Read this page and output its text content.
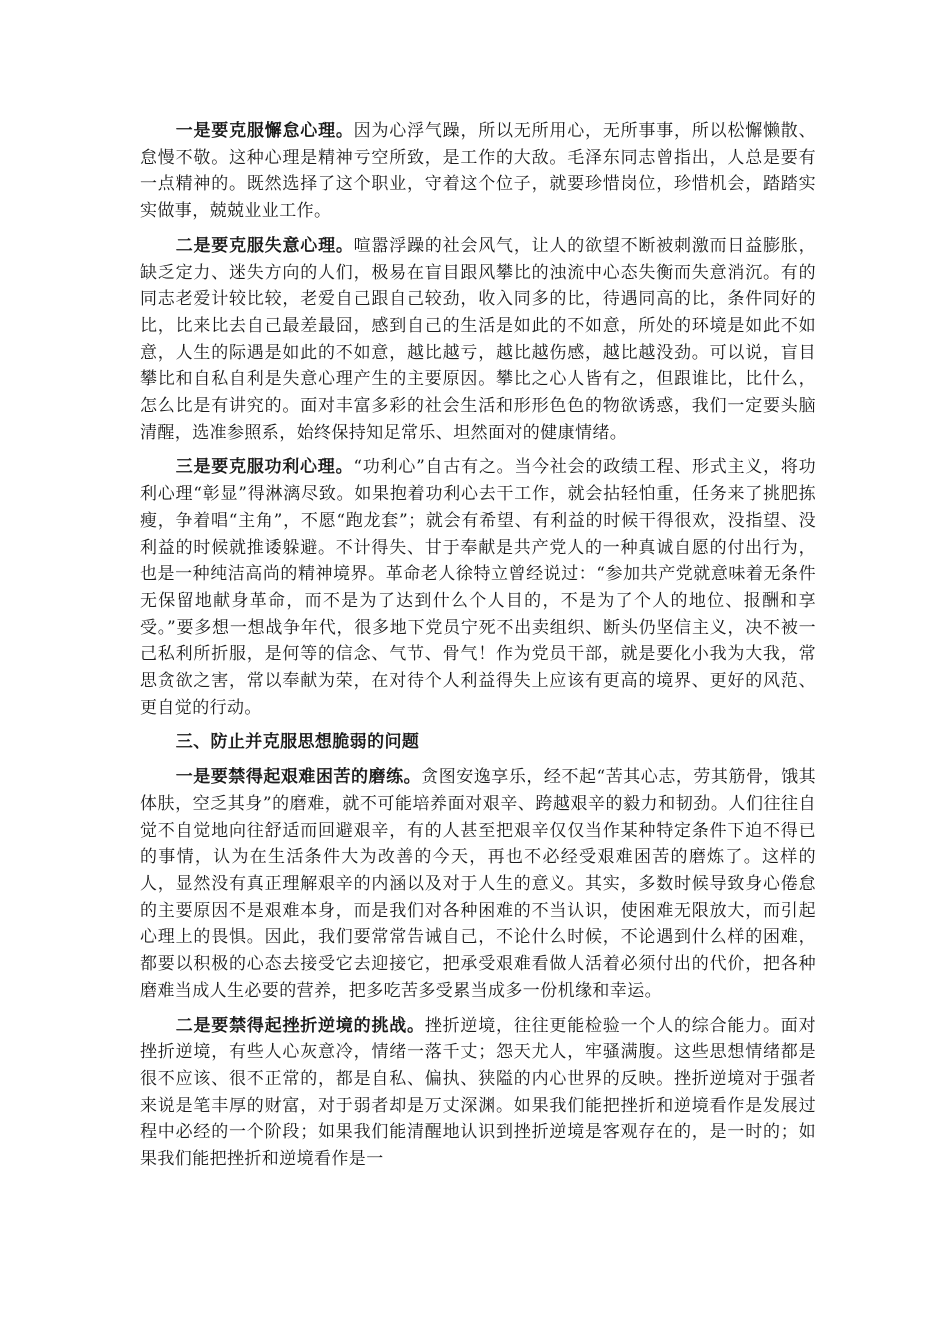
一是要克服懈怠心理。因为心浮气躁，所以无所用心，无所事事，所以松懈懒散、怠慢不敬。这种心理是精神亏空所致，是工作的大敌。毛泽东同志曾指出，人总是要有一点精神的。既然选择了这个职业，守着这个位子，就要珍惜岗位，珍惜机会，踏踏实实做事，兢兢业业工作。

二是要克服失意心理。喧嚣浮躁的社会风气，让人的欲望不断被刺激而日益膨胀，缺乏定力、迷失方向的人们，极易在盲目跟风攀比的浊流中心态失衡而失意消沉。有的同志老爱计较比较，老爱自己跟自己较劲，收入同多的比，待遇同高的比，条件同好的比，比来比去自己最差最囧，感到自己的生活是如此的不如意，所处的环境是如此不如意，人生的际遇是如此的不如意，越比越亏，越比越伤感，越比越没劲。可以说，盲目攀比和自私自利是失意心理产生的主要原因。攀比之心人皆有之，但跟谁比，比什么，怎么比是有讲究的。面对丰富多彩的社会生活和形形色色的物欲诱惑，我们一定要头脑清醒，选准参照系，始终保持知足常乐、坦然面对的健康情绪。

三是要克服功利心理。“功利心”自古有之。当今社会的政绩工程、形式主义，将功利心理“彰显”得淋漓尽致。如果抱着功利心去干工作，就会拈轻怕重，任务来了挑肥拣瘦，争着唱“主角”，不愿“跑龙套”；就会有希望、有利益的时候干得很欢，没指望、没利益的时候就推诿躲避。不计得失、甘于奉献是共产党人的一种真诚自愿的付出行为，也是一种纯洁高尚的精神境界。革命老人徐特立曾经说过：“参加共产党就意味着无条件无保留地献身革命，而不是为了达到什么个人目的，不是为了个人的地位、报酬和享受。”要多想一想战争年代，很多地下党员宁死不出卖组织、断头仍坚信主义，决不被一己私利所折服，是何等的信念、气节、骨气！作为党员干部，就是要化小我为大我，常思贪欲之害，常以奉献为荣，在对待个人利益得失上应该有更高的境界、更好的风范、更自觉的行动。

三、防止并克服思想脆弱的问题

一是要禁得起艰难困苦的磨练。贪图安逸享乐，经不起“苦其心志，劳其筋骨，饿其体肤，空乏其身”的磨难，就不可能培养面对艰辛、跨越艰辛的毅力和韧劲。人们往往自觉不自觉地向往舒适而回避艰辛，有的人甚至把艰辛仅仅当作某种特定条件下迫不得已的事情，认为在生活条件大为改善的今天，再也不必经受艰难困苦的磨炼了。这样的人，显然没有真正理解艰辛的内涵以及对于人生的意义。其实，多数时候导致身心倦怠的主要原因不是艰难本身，而是我们对各种困难的不当认识，使困难无限放大，而引起心理上的畏惧。因此，我们要常常告诫自己，不论什么时候，不论遇到什么样的困难，都要以积极的心态去接受它去迎接它，把承受艰难看做人活着必须付出的代价，把各种磨难当成人生必要的营养，把多吃苦多受累当成多一份机缘和幸运。

二是要禁得起挫折逆境的挑战。挫折逆境，往往更能检验一个人的综合能力。面对挫折逆境，有些人心灰意冷，情绪一落千丈；怨天尤人，牢骚满腹。这些思想情绪都是很不应该、很不正常的，都是自私、偏执、狭隘的内心世界的反映。挫折逆境对于强者来说是笔丰厚的财富，对于弱者却是万丈深渊。如果我们能把挫折和逆境看作是发展过程中必经的一个阶段；如果我们能清醒地认识到挫折逆境是客观存在的，是一时的；如果我们能把挫折和逆境看作是一
